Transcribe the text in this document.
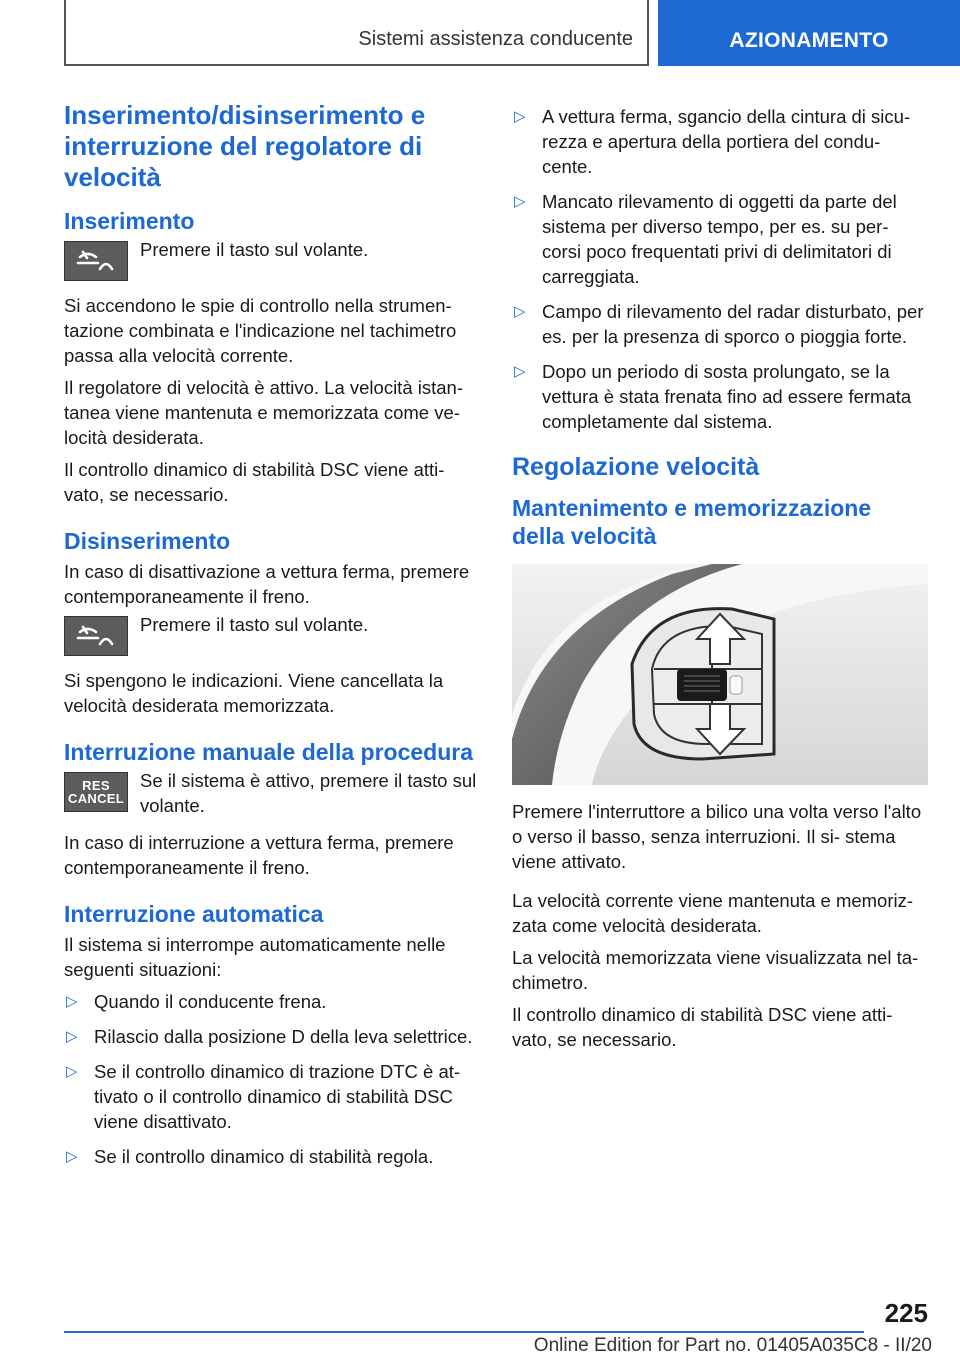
Sistemi assistenza conducente	AZIONAMENTO
Inserimento/disinserimento e interruzione del regolatore di velocità
Inserimento
Premere il tasto sul volante.

Si accendono le spie di controllo nella strumen‐ tazione combinata e l'indicazione nel tachimetro passa alla velocità corrente.

Il regolatore di velocità è attivo. La velocità istan‐ tanea viene mantenuta e memorizzata come ve‐ locità desiderata.

Il controllo dinamico di stabilità DSC viene atti‐ vato, se necessario.

Disinserimento

In caso di disattivazione a vettura ferma, premere contemporaneamente il freno.

Premere il tasto sul volante.

Si spengono le indicazioni. Viene cancellata la velocità desiderata memorizzata.

Interruzione manuale della procedura
RES
CANCEL
Se il sistema è attivo, premere il tasto sul volante.

In caso di interruzione a vettura ferma, premere contemporaneamente il freno.

Interruzione automatica

Il sistema si interrompe automaticamente nelle seguenti situazioni:

▷ Quando il conducente frena.
▷ Rilascio dalla posizione D della leva selettrice.
▷ Se il controllo dinamico di trazione DTC è at‐ tivato o il controllo dinamico di stabilità DSC viene disattivato.
▷ Se il controllo dinamico di stabilità regola.
▷ A vettura ferma, sgancio della cintura di sicu‐ rezza e apertura della portiera del condu‐ cente.
▷ Mancato rilevamento di oggetti da parte del sistema per diverso tempo, per es. su per‐ corsi poco frequentati privi di delimitatori di carreggiata.
▷ Campo di rilevamento del radar disturbato, per es. per la presenza di sporco o pioggia forte.
▷ Dopo un periodo di sosta prolungato, se la vettura è stata frenata fino ad essere fermata completamente dal sistema.
Regolazione velocità
Mantenimento e memorizzazione della velocità

Premere l'interruttore a bilico una volta verso l'alto o verso il basso, senza interruzioni. Il si‐ stema viene attivato.

La velocità corrente viene mantenuta e memoriz‐ zata come velocità desiderata.

La velocità memorizzata viene visualizzata nel ta‐ chimetro.

Il controllo dinamico di stabilità DSC viene atti‐ vato, se necessario.

225
Online Edition for Part no. 01405A035C8 - II/20
